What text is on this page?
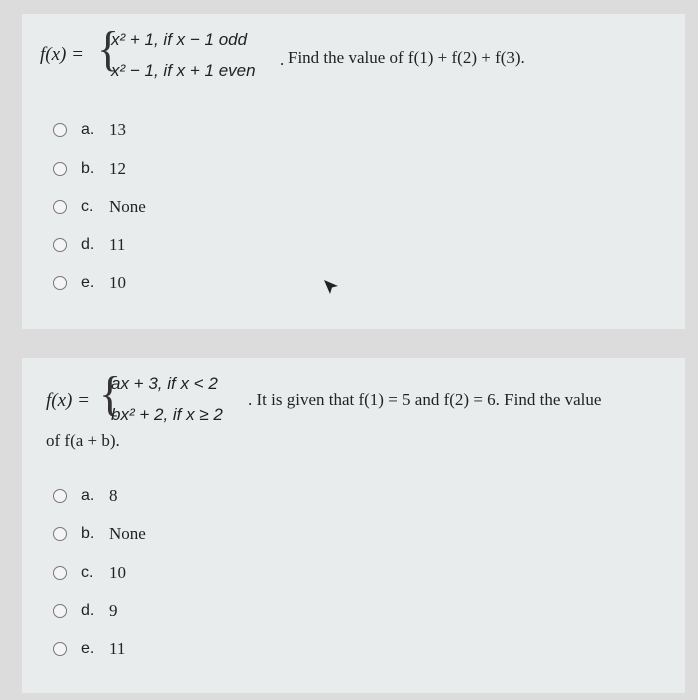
f(x) = {
x² + 1, if x − 1 odd
x² − 1, if x + 1 even
. Find the value of f(1) + f(2) + f(3).
a. 13
b. 12
c. None
d. 11
e. 10
f(x) = {
ax + 3, if x < 2
bx² + 2, if x ≥ 2
. It is given that f(1) = 5 and f(2) = 6. Find the value
of f(a + b).
a. 8
b. None
c. 10
d. 9
e. 11
